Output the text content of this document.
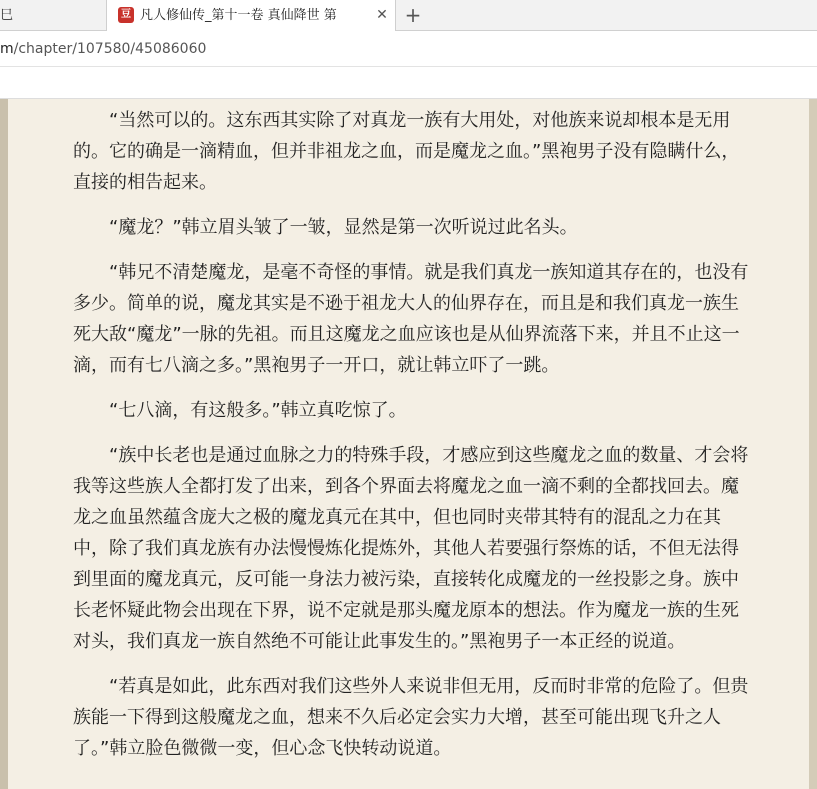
巳	豆 凡人修仙传_第十一卷 真仙降世 第	✕ +
m/chapter/107580/45086060

“当然可以的。这东西其实除了对真龙一族有大用处，对他族来说却根本是无用的。它的确是一滴精血，但并非祖龙之血，而是魔龙之血。”黑袍男子没有隐瞒什么，直接的相告起来。

“魔龙？”韩立眉头皱了一皱，显然是第一次听说过此名头。

“韩兄不清楚魔龙，是毫不奇怪的事情。就是我们真龙一族知道其存在的，也没有多少。简单的说，魔龙其实是不逊于祖龙大人的仙界存在，而且是和我们真龙一族生死大敌“魔龙”一脉的先祖。而且这魔龙之血应该也是从仙界流落下来，并且不止这一滴，而有七八滴之多。”黑袍男子一开口，就让韩立吓了一跳。

“七八滴，有这般多。”韩立真吃惊了。

“族中长老也是通过血脉之力的特殊手段，才感应到这些魔龙之血的数量、才会将我等这些族人全都打发了出来，到各个界面去将魔龙之血一滴不剩的全都找回去。魔龙之血虽然蕴含庞大之极的魔龙真元在其中，但也同时夹带其特有的混乱之力在其中，除了我们真龙族有办法慢慢炼化提炼外，其他人若要强行祭炼的话，不但无法得到里面的魔龙真元，反可能一身法力被污染，直接转化成魔龙的一丝投影之身。族中长老怀疑此物会出现在下界，说不定就是那头魔龙原本的想法。作为魔龙一族的生死对头，我们真龙一族自然绝不可能让此事发生的。”黑袍男子一本正经的说道。

“若真是如此，此东西对我们这些外人来说非但无用，反而时非常的危险了。但贵族能一下得到这般魔龙之血，想来不久后必定会实力大增，甚至可能出现飞升之人了。”韩立脸色微微一变，但心念飞快转动说道。
